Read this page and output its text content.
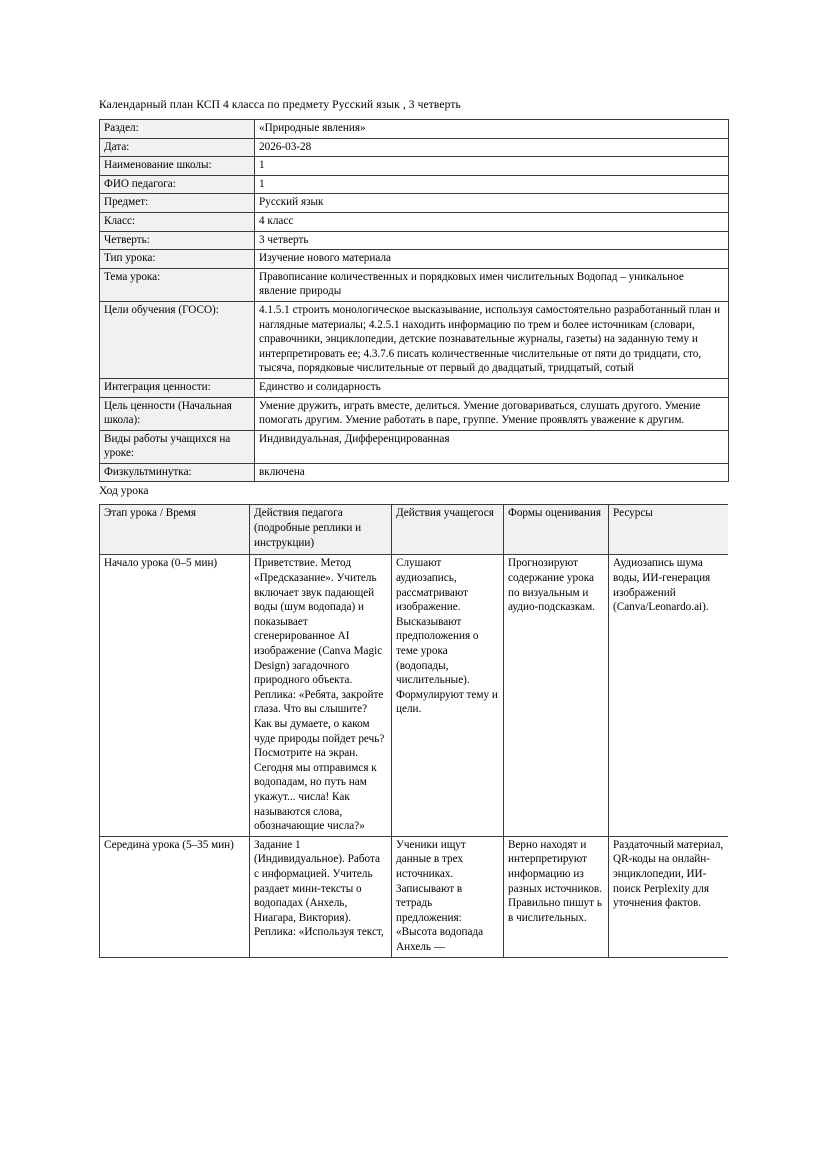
Календарный план КСП 4 класса по предмету Русский язык , 3 четверть

Раздел:	«Природные явления»
Дата:	2026-03-28
Наименование школы:	1
ФИО педагога:	1
Предмет:	Русский язык
Класс:	4 класс
Четверть:	3 четверть
Тип урока:	Изучение нового материала
Тема урока:	Правописание количественных и порядковых имен числительных Водопад – уникальное явление природы
Цели обучения (ГОСО):	4.1.5.1 строить монологическое высказывание, используя самостоятельно разработанный план и наглядные материалы; 4.2.5.1 находить информацию по трем и более источникам (словари, справочники, энциклопедии, детские познавательные журналы, газеты) на заданную тему и интерпретировать ее; 4.3.7.6 писать количественные числительные от пяти до тридцати, сто, тысяча, порядковые числительные от первый до двадцатый, тридцатый, сотый
Интеграция ценности:	Единство и солидарность
Цель ценности (Начальная школа):	Умение дружить, играть вместе, делиться. Умение договариваться, слушать другого. Умение помогать другим. Умение работать в паре, группе. Умение проявлять уважение к другим.
Виды работы учащихся на уроке:	Индивидуальная, Дифференцированная
Физкультминутка:	включена

Ход урока

Этап урока / Время	Действия педагога (подробные реплики и инструкции)	Действия учащегося	Формы оценивания	Ресурсы
Начало урока (0–5 мин)	Приветствие. Метод «Предсказание». Учитель включает звук падающей воды (шум водопада) и показывает сгенерированное AI изображение (Canva Magic Design) загадочного природного объекта. Реплика: «Ребята, закройте глаза. Что вы слышите? Как вы думаете, о каком чуде природы пойдет речь? Посмотрите на экран. Сегодня мы отправимся к водопадам, но путь нам укажут... числа! Как называются слова, обозначающие числа?»	Слушают аудиозапись, рассматривают изображение. Высказывают предположения о теме урока (водопады, числительные). Формулируют тему и цели.	Прогнозируют содержание урока по визуальным и аудио-подсказкам.	Аудиозапись шума воды, ИИ-генерация изображений (Canva/Leonardo.ai).
Середина урока (5–35 мин)	Задание 1 (Индивидуальное). Работа с информацией. Учитель раздает мини-тексты о водопадах (Анхель, Ниагара, Виктория). Реплика: «Используя текст,	Ученики ищут данные в трех источниках. Записывают в тетрадь предложения: «Высота водопада Анхель —	Верно находят и интерпретируют информацию из разных источников. Правильно пишут ь в числительных.	Раздаточный материал, QR-коды на онлайн-энциклопедии, ИИ-поиск Perplexity для уточнения фактов.
